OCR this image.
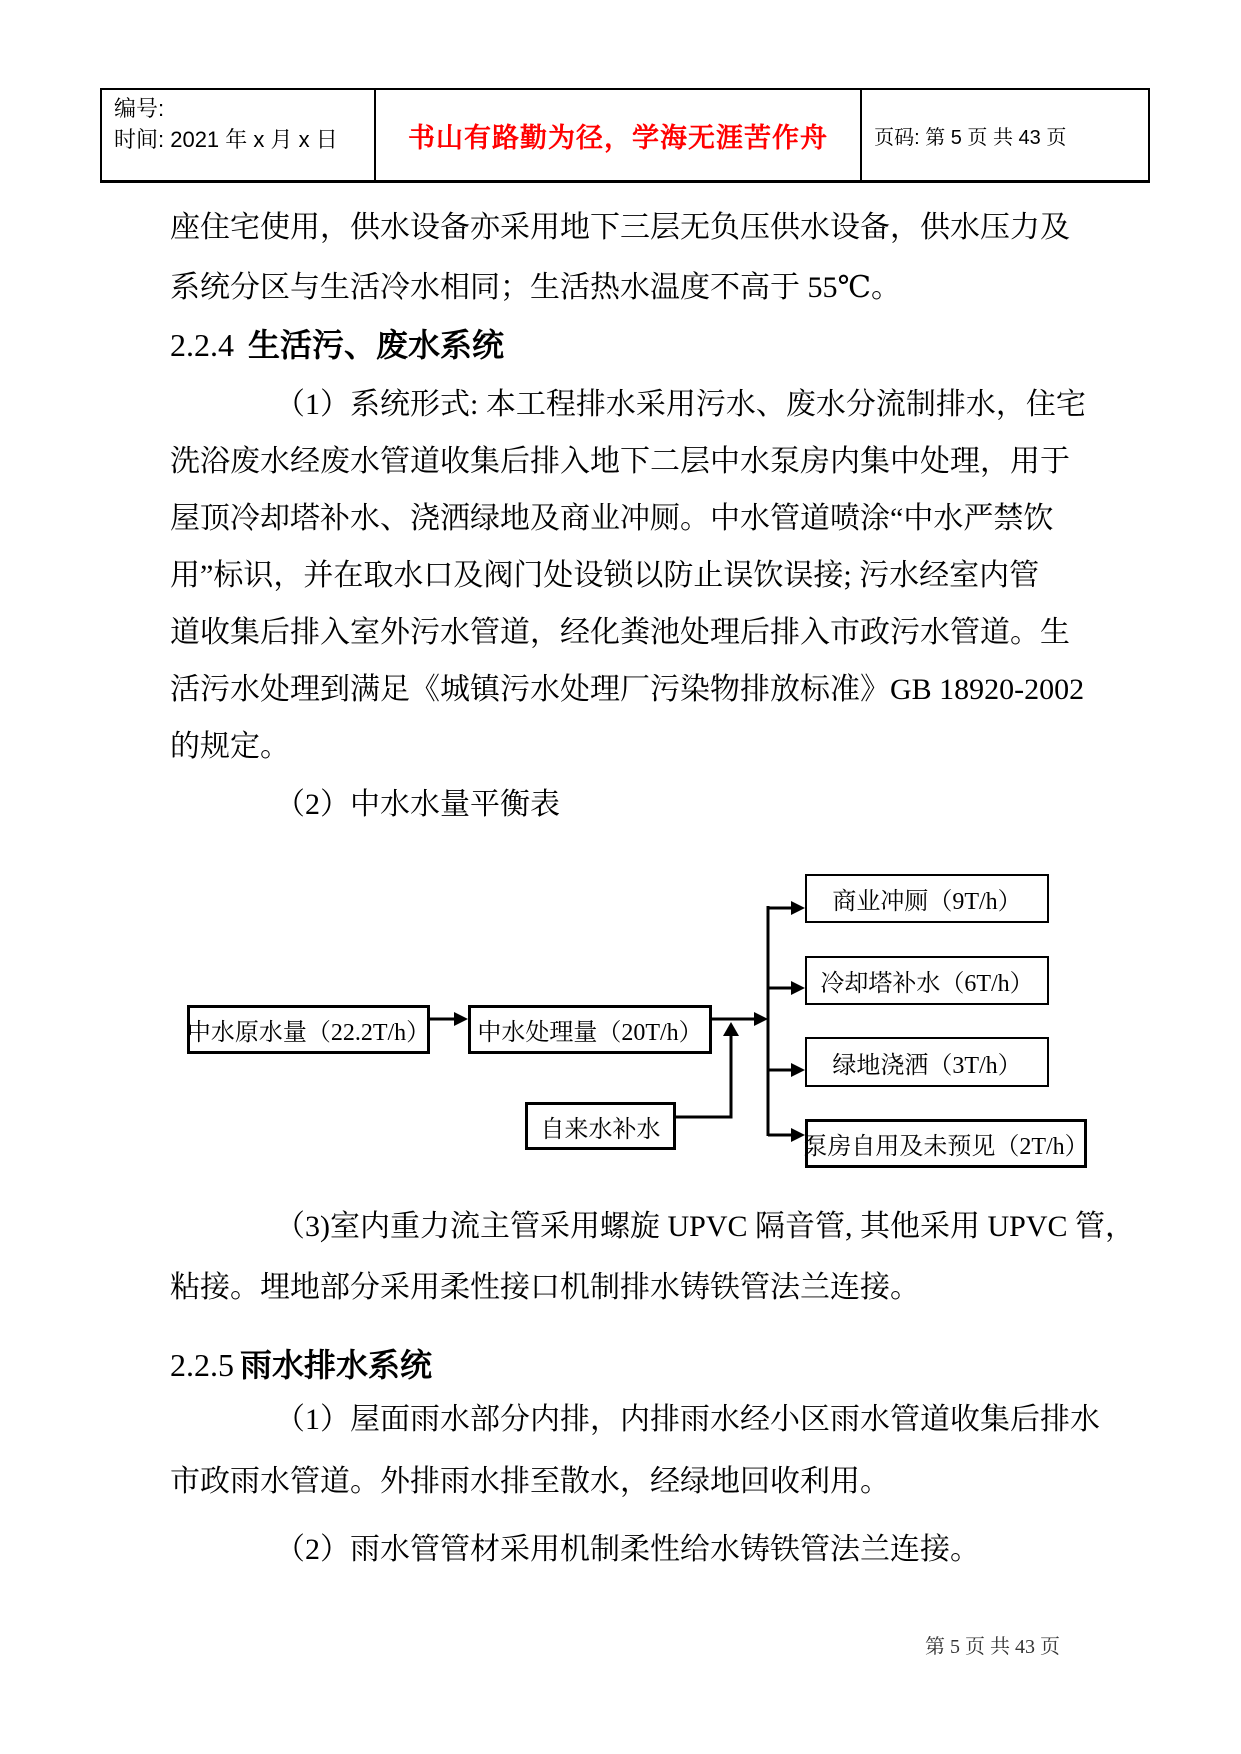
编号:
时间: 2021 年 x 月 x 日	书山有路勤为径，学海无涯苦作舟 页码: 第 5 页 共 43 页
座住宅使用，供水设备亦采用地下三层无负压供水设备，供水压力及
系统分区与生活冷水相同；生活热水温度不高于 55℃。
2.2.4 生活污、废水系统
（1）系统形式: 本工程排水采用污水、废水分流制排水，住宅
洗浴废水经废水管道收集后排入地下二层中水泵房内集中处理，用于
屋顶冷却塔补水、浇洒绿地及商业冲厕。中水管道喷涂“中水严禁饮
用”标识，并在取水口及阀门处设锁以防止误饮误接; 污水经室内管
道收集后排入室外污水管道，经化粪池处理后排入市政污水管道。生
活污水处理到满足《城镇污水处理厂污染物排放标准》GB 18920-2002
的规定。
（2）中水水量平衡表
中水原水量（22.2T/h）	中水处理量（20T/h）
自来水补水
商业冲厕（9T/h）
冷却塔补水（6T/h）
绿地浇洒（3T/h）
泵房自用及未预见（2T/h）
（3)室内重力流主管采用螺旋 UPVC 隔音管, 其他采用 UPVC 管，
粘接。埋地部分采用柔性接口机制排水铸铁管法兰连接。
2.2.5 雨水排水系统
（1）屋面雨水部分内排，内排雨水经小区雨水管道收集后排水
市政雨水管道。外排雨水排至散水，经绿地回收利用。
（2）雨水管管材采用机制柔性给水铸铁管法兰连接。
第 5 页 共 43 页
